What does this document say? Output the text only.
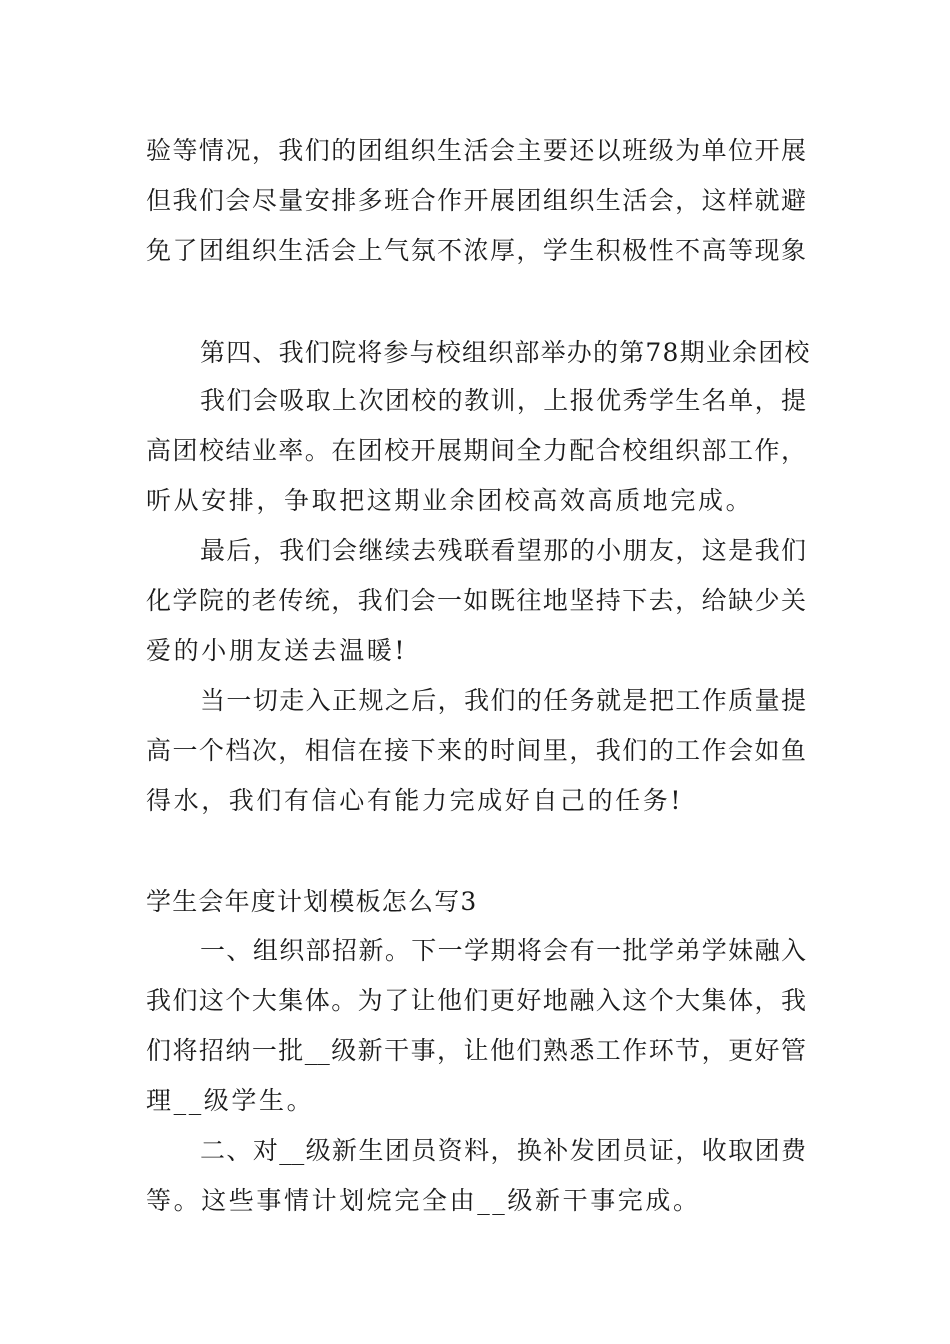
验等情况，我们的团组织生活会主要还以班级为单位开展
但我们会尽量安排多班合作开展团组织生活会，这样就避
免了团组织生活会上气氛不浓厚，学生积极性不高等现象
第四、我们院将参与校组织部举办的第78期业余团校
我们会吸取上次团校的教训，上报优秀学生名单，提
高团校结业率。在团校开展期间全力配合校组织部工作，
听从安排，争取把这期业余团校高效高质地完成。
最后，我们会继续去残联看望那的小朋友，这是我们
化学院的老传统，我们会一如既往地坚持下去，给缺少关
爱的小朋友送去温暖!
当一切走入正规之后，我们的任务就是把工作质量提
高一个档次，相信在接下来的时间里，我们的工作会如鱼
得水，我们有信心有能力完成好自己的任务!
学生会年度计划模板怎么写3
一、组织部招新。下一学期将会有一批学弟学妹融入
我们这个大集体。为了让他们更好地融入这个大集体，我
们将招纳一批__级新干事，让他们熟悉工作环节，更好管
理__级学生。
二、对__级新生团员资料，换补发团员证，收取团费
等。这些事情计划烷完全由__级新干事完成。
